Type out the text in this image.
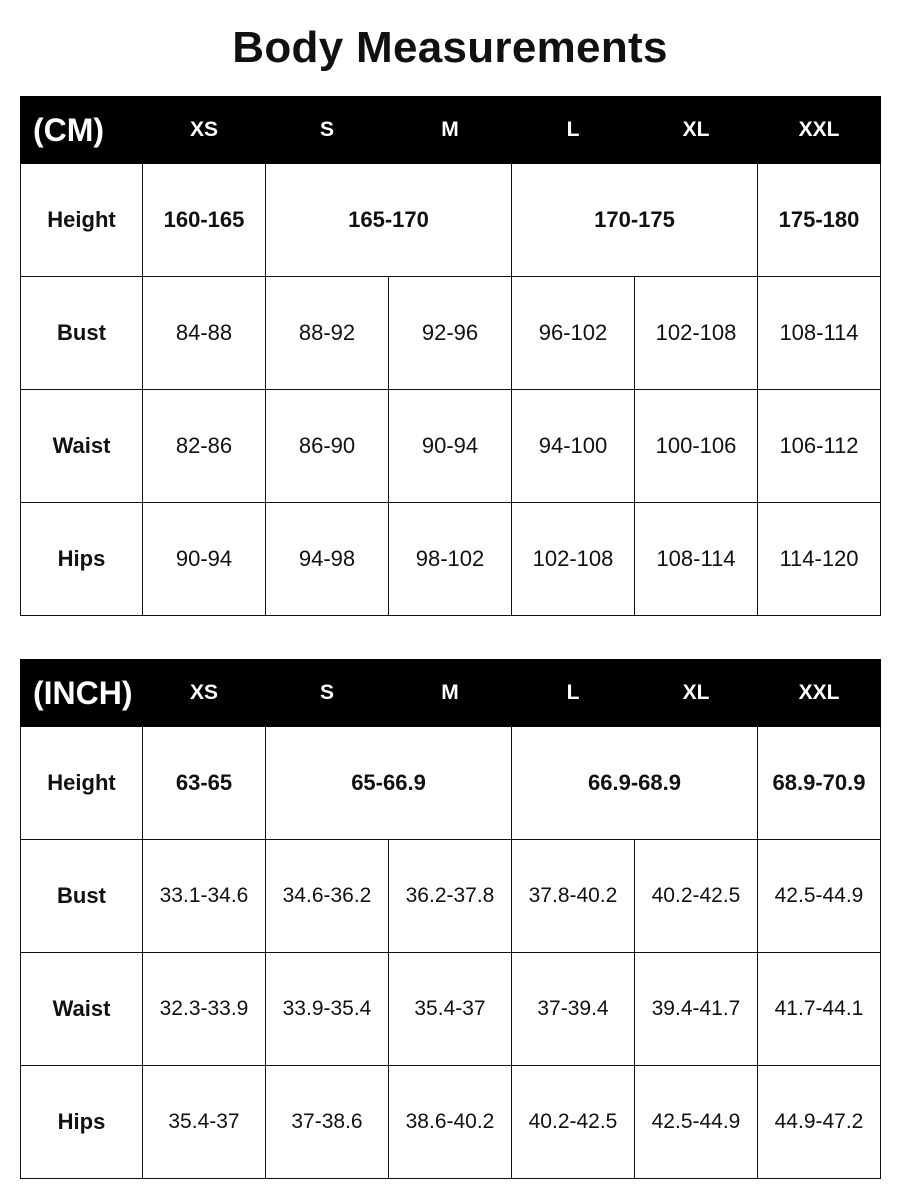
Body Measurements
(CM)	XS	S	M	L	XL	XXL
Height	160-165	165-170		170-175		175-180
Bust	84-88	88-92	92-96	96-102	102-108	108-114
Waist	82-86	86-90	90-94	94-100	100-106	106-112
Hips	90-94	94-98	98-102	102-108	108-114	114-120
(INCH)	XS	S	M	L	XL	XXL
Height	63-65	65-66.9		66.9-68.9		68.9-70.9
Bust	33.1-34.6	34.6-36.2	36.2-37.8	37.8-40.2	40.2-42.5	42.5-44.9
Waist	32.3-33.9	33.9-35.4	35.4-37	37-39.4	39.4-41.7	41.7-44.1
Hips	35.4-37	37-38.6	38.6-40.2	40.2-42.5	42.5-44.9	44.9-47.2
